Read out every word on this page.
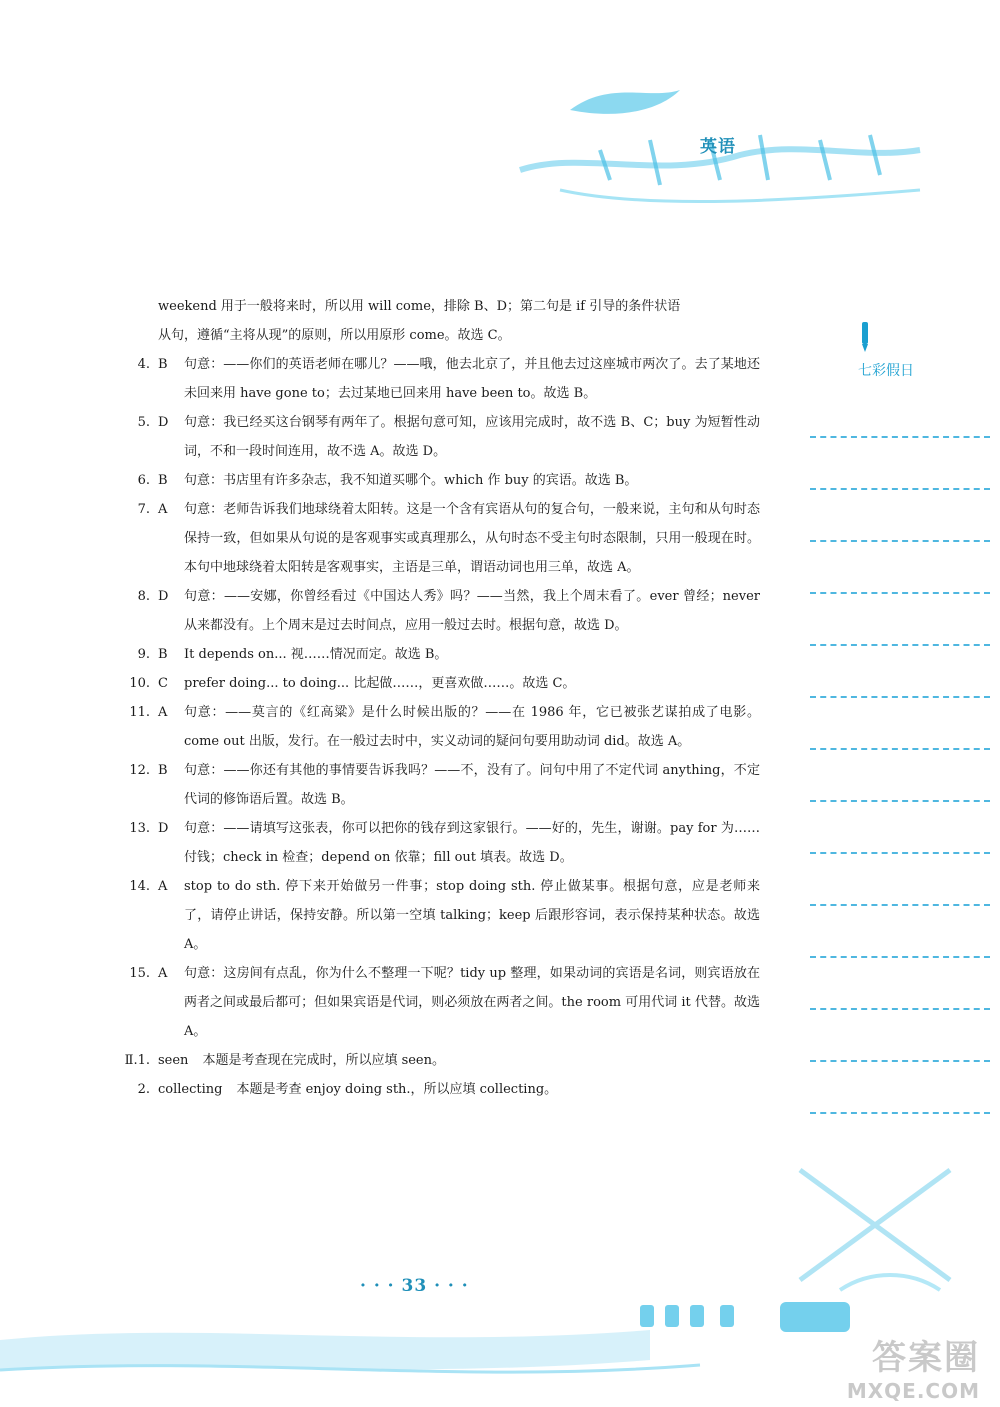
英语

weekend 用于一般将来时，所以用 will come，排除 B、D；第二句是 if 引导的条件状语

从句，遵循“主将从现”的原则，所以用原形 come。故选 C。

4. B	句意：——你们的英语老师在哪儿？——哦，他去北京了，并且他去过这座城市两次了。去了某地还未回来用 have gone to；去过某地已回来用 have been to。故选 B。
5. D	句意：我已经买这台钢琴有两年了。根据句意可知，应该用完成时，故不选 B、C；buy 为短暂性动词，不和一段时间连用，故不选 A。故选 D。
6. B	句意：书店里有许多杂志，我不知道买哪个。which 作 buy 的宾语。故选 B。
7. A	句意：老师告诉我们地球绕着太阳转。这是一个含有宾语从句的复合句，一般来说，主句和从句时态保持一致，但如果从句说的是客观事实或真理那么，从句时态不受主句时态限制，只用一般现在时。本句中地球绕着太阳转是客观事实，主语是三单，谓语动词也用三单，故选 A。
8. D	句意：——安娜，你曾经看过《中国达人秀》吗？——当然，我上个周末看了。ever 曾经；never 从来都没有。上个周末是过去时间点，应用一般过去时。根据句意，故选 D。
9. B	It depends on... 视……情况而定。故选 B。
10. C	prefer doing... to doing... 比起做……，更喜欢做……。故选 C。
11. A	句意：——莫言的《红高粱》是什么时候出版的？——在 1986 年，它已被张艺谋拍成了电影。come out 出版，发行。在一般过去时中，实义动词的疑问句要用助动词 did。故选 A。
12. B	句意：——你还有其他的事情要告诉我吗？——不，没有了。问句中用了不定代词 anything，不定代词的修饰语后置。故选 B。
13. D	句意：——请填写这张表，你可以把你的钱存到这家银行。——好的，先生，谢谢。pay for 为……付钱；check in 检查；depend on 依靠；fill out 填表。故选 D。
14. A	stop to do sth. 停下来开始做另一件事；stop doing sth. 停止做某事。根据句意，应是老师来了，请停止讲话，保持安静。所以第一空填 talking；keep 后跟形容词，表示保持某种状态。故选 A。
15. A	句意：这房间有点乱，你为什么不整理一下呢？tidy up 整理，如果动词的宾语是名词，则宾语放在两者之间或最后都可；但如果宾语是代词，则必须放在两者之间。the room 可用代词 it 代替。故选 A。
Ⅱ.1. seen	本题是考查现在完成时，所以应填 seen。
2. collecting	本题是考查 enjoy doing sth.，所以应填 collecting。
七彩假日
· · · 33 · · ·
答案圈
MXQE.COM
